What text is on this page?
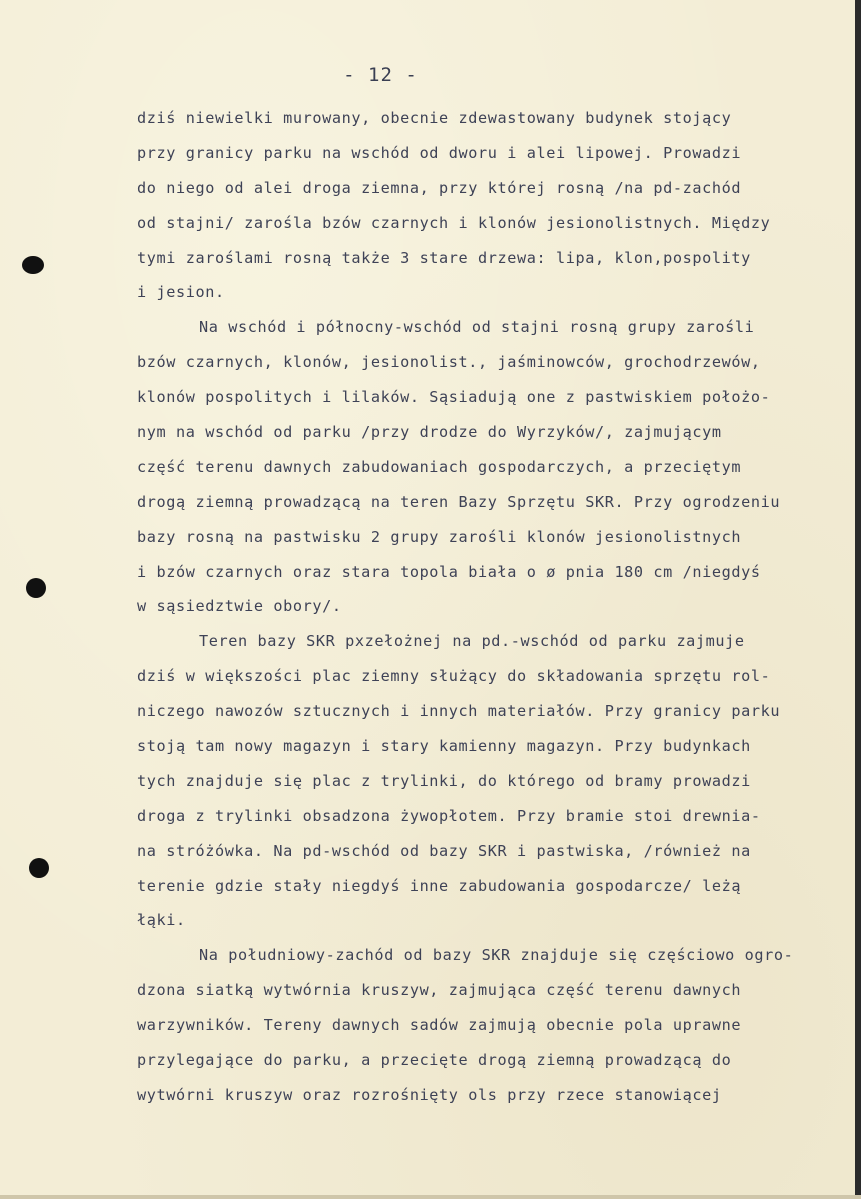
- 12 -
dziś niewielki murowany, obecnie zdewastowany budynek stojący
przy granicy parku na wschód od dworu i alei lipowej. Prowadzi
do niego od alei droga ziemna, przy której rosną /na pd-zachód
od stajni/ zarośla bzów czarnych i klonów jesionolistnych. Między
tymi zaroślami rosną także 3 stare drzewa: lipa, klon,pospolity
i jesion.
Na wschód i północny-wschód od stajni rosną grupy zarośli
bzów czarnych, klonów, jesionolist., jaśminowców, grochodrzewów,
klonów pospolitych i lilaków. Sąsiadują one z pastwiskiem położo-
nym na wschód od parku /przy drodze do Wyrzyków/, zajmującym
część terenu dawnych zabudowaniach gospodarczych, a przeciętym
drogą ziemną prowadzącą na teren Bazy Sprzętu SKR. Przy ogrodzeniu
bazy rosną na pastwisku 2 grupy zarośli klonów jesionolistnych
i bzów czarnych oraz stara topola biała o ø pnia 180 cm /niegdyś
w sąsiedztwie obory/.
Teren bazy SKR pxzełożnej na pd.-wschód od parku zajmuje
dziś w większości plac ziemny służący do składowania sprzętu rol-
niczego nawozów sztucznych i innych materiałów. Przy granicy parku
stoją tam nowy magazyn i stary kamienny magazyn. Przy budynkach
tych znajduje się plac z trylinki, do którego od bramy prowadzi
droga z trylinki obsadzona żywopłotem. Przy bramie stoi drewnia-
na stróżówka. Na pd-wschód od bazy SKR i pastwiska, /również na
terenie gdzie stały niegdyś inne zabudowania gospodarcze/ leżą
łąki.
Na południowy-zachód od bazy SKR znajduje się częściowo ogro-
dzona siatką wytwórnia kruszyw, zajmująca część terenu dawnych
warzywników. Tereny dawnych sadów zajmują obecnie pola uprawne
przylegające do parku, a przecięte drogą ziemną prowadzącą do
wytwórni kruszyw oraz rozrośnięty ols przy rzece stanowiącej
